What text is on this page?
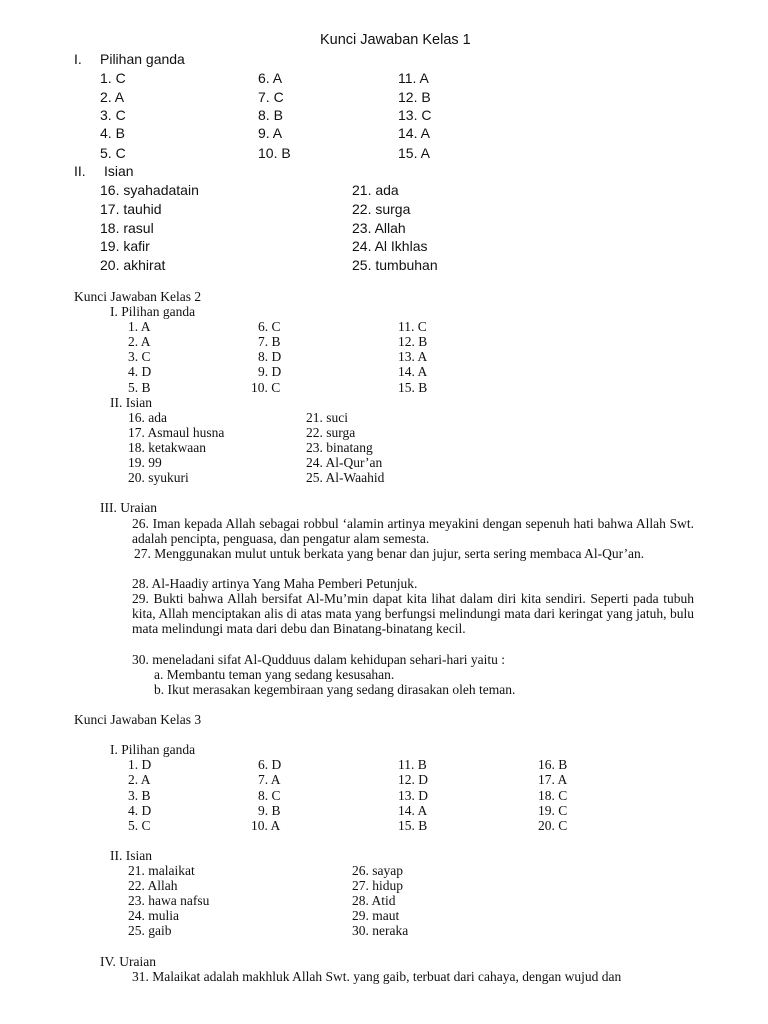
Kunci Jawaban Kelas 1
I. Pilihan ganda
1. C	6. A	11. A
2. A	7. C	12. B
3. C	8. B	13. C
4. B	9. A	14. A
5. C	10. B	15. A
II. Isian
16. syahadatain	21. ada
17. tauhid	22. surga
18. rasul	23. Allah
19. kafir	24. Al Ikhlas
20. akhirat	25. tumbuhan
Kunci Jawaban Kelas 2
I. Pilihan ganda
1. A	6. C	11. C
2. A	7. B	12. B
3. C	8. D	13. A
4. D	9. D	14. A
5. B	10. C	15. B
II. Isian
16. ada	21. suci
17. Asmaul husna	22. surga
18. ketakwaan	23. binatang
19. 99	24. Al-Qur’an
20. syukuri	25. Al-Waahid
III. Uraian
26. Iman kepada Allah sebagai robbul ‘alamin artinya meyakini dengan sepenuh hati bahwa Allah Swt. adalah pencipta, penguasa, dan pengatur alam semesta.
27. Menggunakan mulut untuk berkata yang benar dan jujur, serta sering membaca Al-Qur’an.
28. Al-Haadiy artinya Yang Maha Pemberi Petunjuk.
29. Bukti bahwa Allah bersifat Al-Mu’min dapat kita lihat dalam diri kita sendiri. Seperti pada tubuh kita, Allah menciptakan alis di atas mata yang berfungsi melindungi mata dari keringat yang jatuh, bulu mata melindungi mata dari debu dan Binatang-binatang kecil.
30. meneladani sifat Al-Qudduus dalam kehidupan sehari-hari yaitu :
a. Membantu teman yang sedang kesusahan.
b. Ikut merasakan kegembiraan yang sedang dirasakan oleh teman.
Kunci Jawaban Kelas 3
I. Pilihan ganda
1. D	6. D	11. B	16. B
2. A	7. A	12. D	17. A
3. B	8. C	13. D	18. C
4. D	9. B	14. A	19. C
5. C	10. A	15. B	20. C
II. Isian
21. malaikat	26. sayap
22. Allah	27. hidup
23. hawa nafsu	28. Atid
24. mulia	29. maut
25. gaib	30. neraka
IV. Uraian
31. Malaikat adalah makhluk Allah Swt. yang gaib, terbuat dari cahaya, dengan wujud dan
